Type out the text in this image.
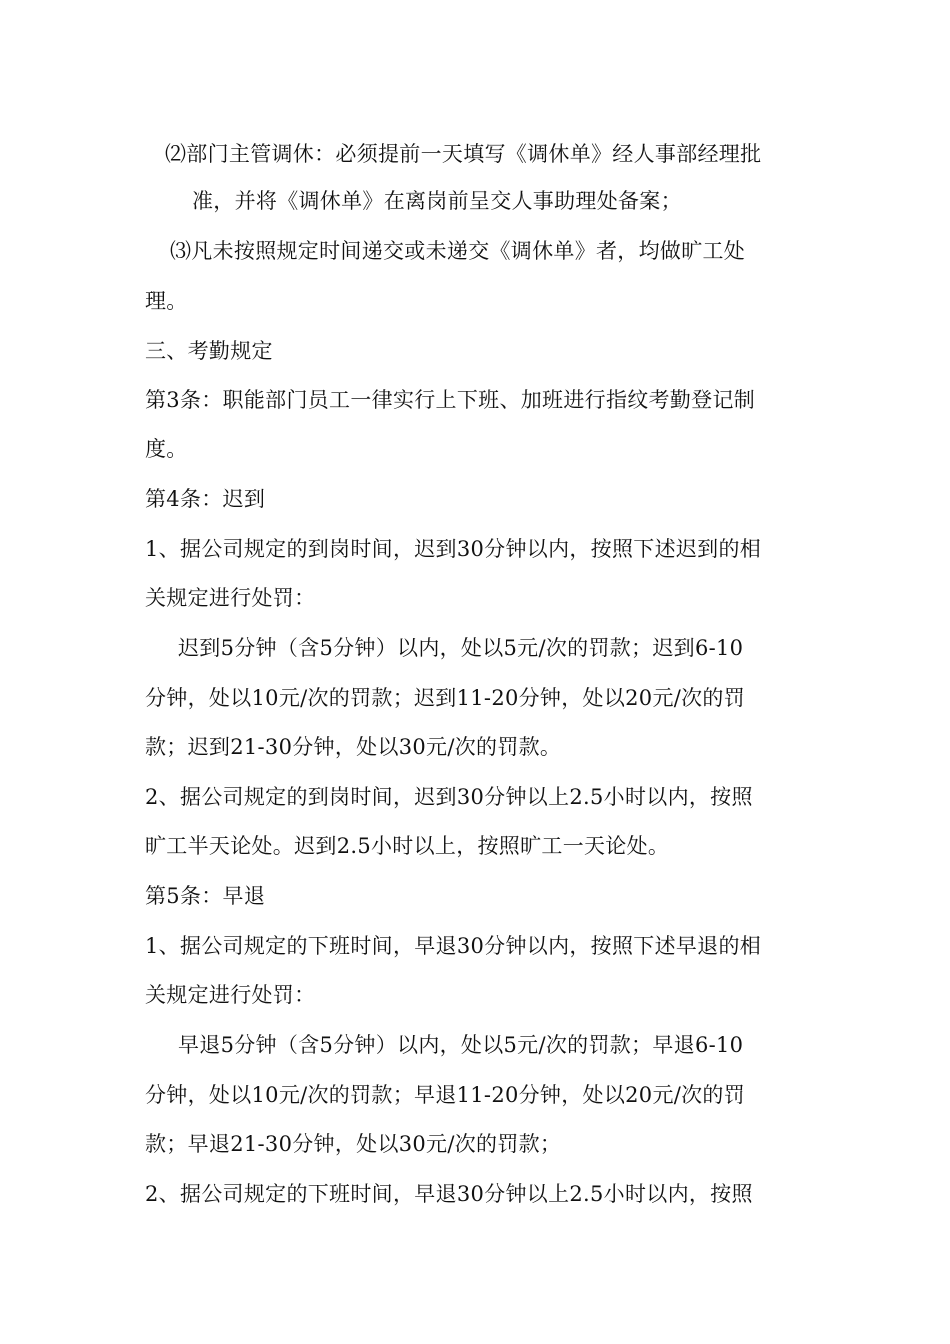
⑵部门主管调休：必须提前一天填写《调休单》经人事部经理批
准，并将《调休单》在离岗前呈交人事助理处备案；
⑶凡未按照规定时间递交或未递交《调休单》者，均做旷工处
理。
三、考勤规定
第3条：职能部门员工一律实行上下班、加班进行指纹考勤登记制
度。
第4条：迟到
1、据公司规定的到岗时间，迟到30分钟以内，按照下述迟到的相
关规定进行处罚：
迟到5分钟（含5分钟）以内，处以5元/次的罚款；迟到6-10
分钟，处以10元/次的罚款；迟到11-20分钟，处以20元/次的罚
款；迟到21-30分钟，处以30元/次的罚款。
2、据公司规定的到岗时间，迟到30分钟以上2.5小时以内，按照
旷工半天论处。迟到2.5小时以上，按照旷工一天论处。
第5条：早退
1、据公司规定的下班时间，早退30分钟以内，按照下述早退的相
关规定进行处罚：
早退5分钟（含5分钟）以内，处以5元/次的罚款；早退6-10
分钟，处以10元/次的罚款；早退11-20分钟，处以20元/次的罚
款；早退21-30分钟，处以30元/次的罚款；
2、据公司规定的下班时间，早退30分钟以上2.5小时以内，按照
